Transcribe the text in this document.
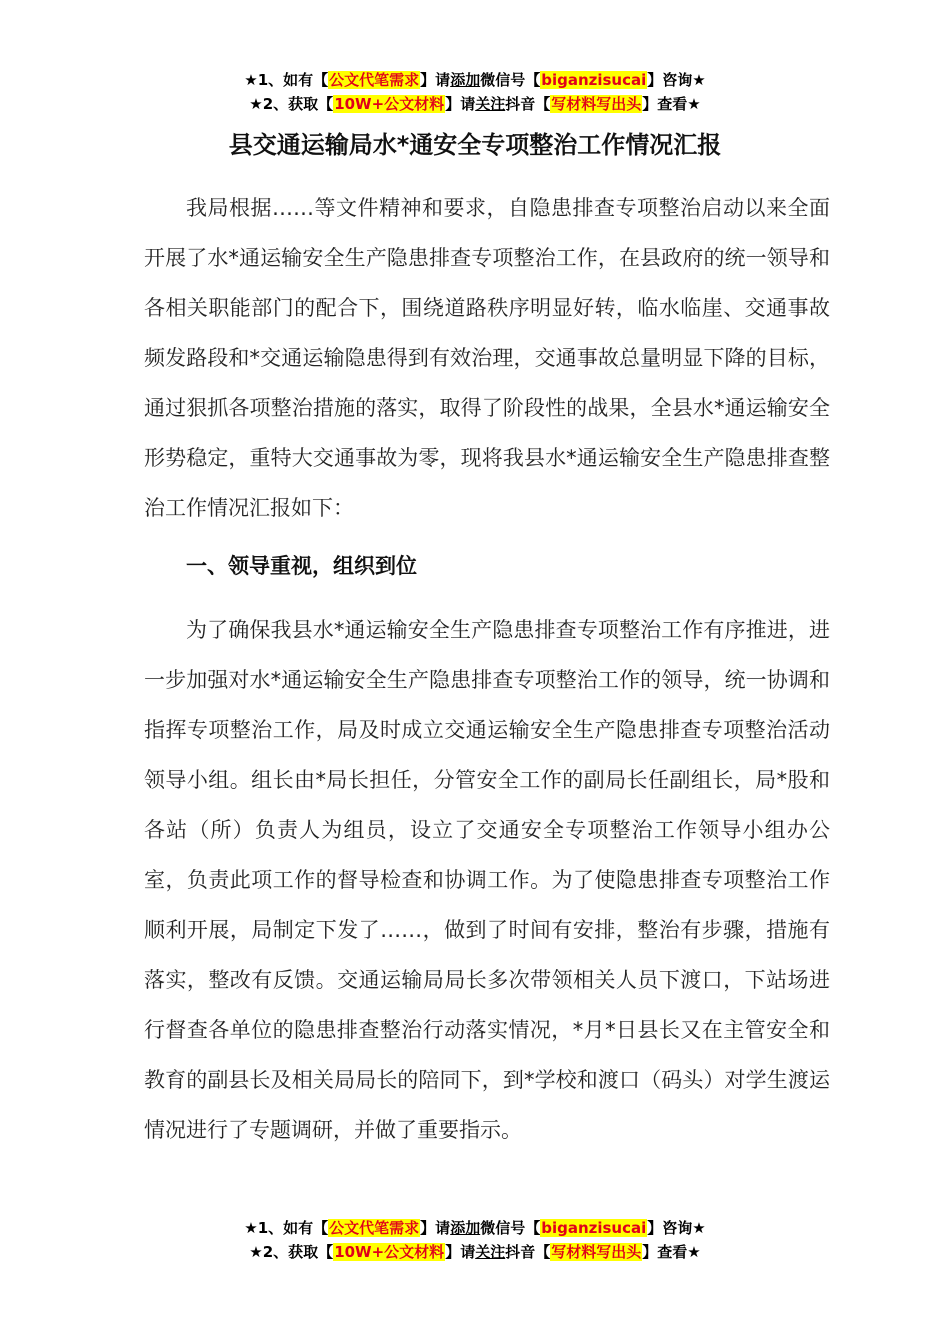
★1、如有【公文代笔需求】请添加微信号【biganzisucai】咨询★
★2、获取【10W+公文材料】请关注抖音【写材料写出头】查看★
县交通运输局水*通安全专项整治工作情况汇报

我局根据……等文件精神和要求，自隐患排查专项整治启动以来全面开展了水*通运输安全生产隐患排查专项整治工作，在县政府的统一领导和各相关职能部门的配合下，围绕道路秩序明显好转，临水临崖、交通事故频发路段和*交通运输隐患得到有效治理，交通事故总量明显下降的目标，通过狠抓各项整治措施的落实，取得了阶段性的战果，全县水*通运输安全形势稳定，重特大交通事故为零，现将我县水*通运输安全生产隐患排查整治工作情况汇报如下：

一、领导重视，组织到位

为了确保我县水*通运输安全生产隐患排查专项整治工作有序推进，进一步加强对水*通运输安全生产隐患排查专项整治工作的领导，统一协调和指挥专项整治工作，局及时成立交通运输安全生产隐患排查专项整治活动领导小组。组长由*局长担任，分管安全工作的副局长任副组长，局*股和各站（所）负责人为组员，设立了交通安全专项整治工作领导小组办公室，负责此项工作的督导检查和协调工作。为了使隐患排查专项整治工作顺利开展，局制定下发了……，做到了时间有安排，整治有步骤，措施有落实，整改有反馈。交通运输局局长多次带领相关人员下渡口，下站场进行督查各单位的隐患排查整治行动落实情况，*月*日县长又在主管安全和教育的副县长及相关局局长的陪同下，到*学校和渡口（码头）对学生渡运情况进行了专题调研，并做了重要指示。

★1、如有【公文代笔需求】请添加微信号【biganzisucai】咨询★
★2、获取【10W+公文材料】请关注抖音【写材料写出头】查看★
